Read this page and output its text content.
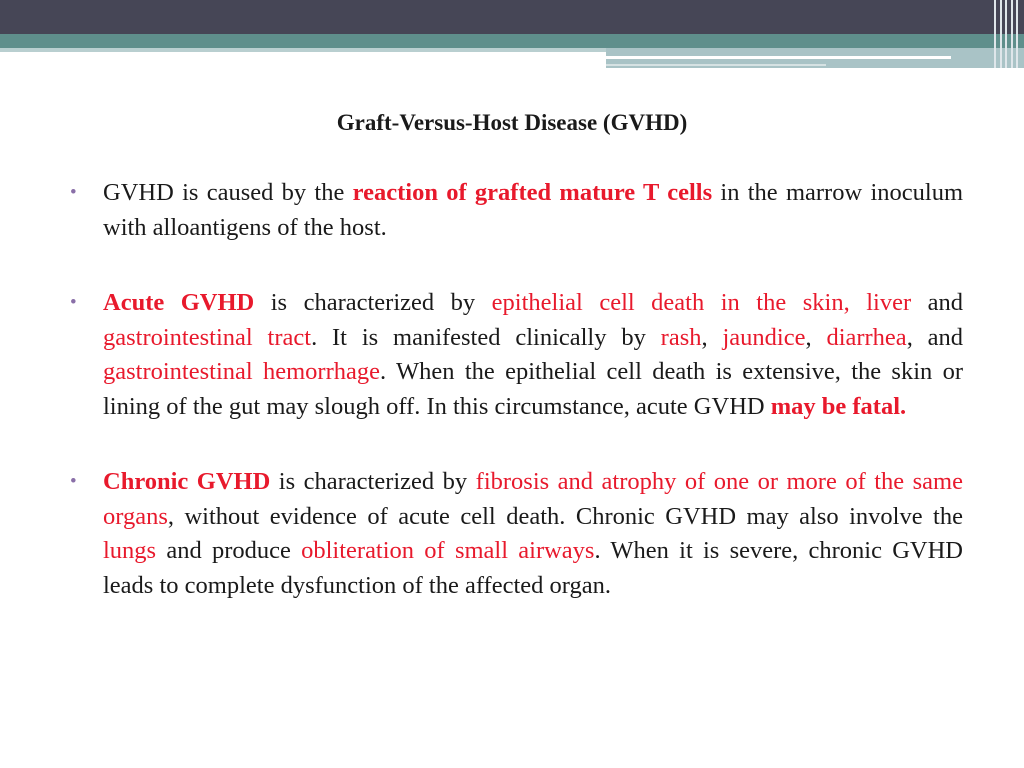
Graft-Versus-Host Disease (GVHD)
•	GVHD is caused by the reaction of grafted mature T cells in the marrow inoculum with alloantigens of the host.
•	Acute GVHD is characterized by epithelial cell death in the skin, liver and gastrointestinal tract. It is manifested clinically by rash, jaundice, diarrhea, and gastrointestinal hemorrhage. When the epithelial cell death is extensive, the skin or lining of the gut may slough off. In this circumstance, acute GVHD may be fatal.
•	Chronic GVHD is characterized by fibrosis and atrophy of one or more of the same organs, without evidence of acute cell death. Chronic GVHD may also involve the lungs and produce obliteration of small airways. When it is severe, chronic GVHD leads to complete dysfunction of the affected organ.
